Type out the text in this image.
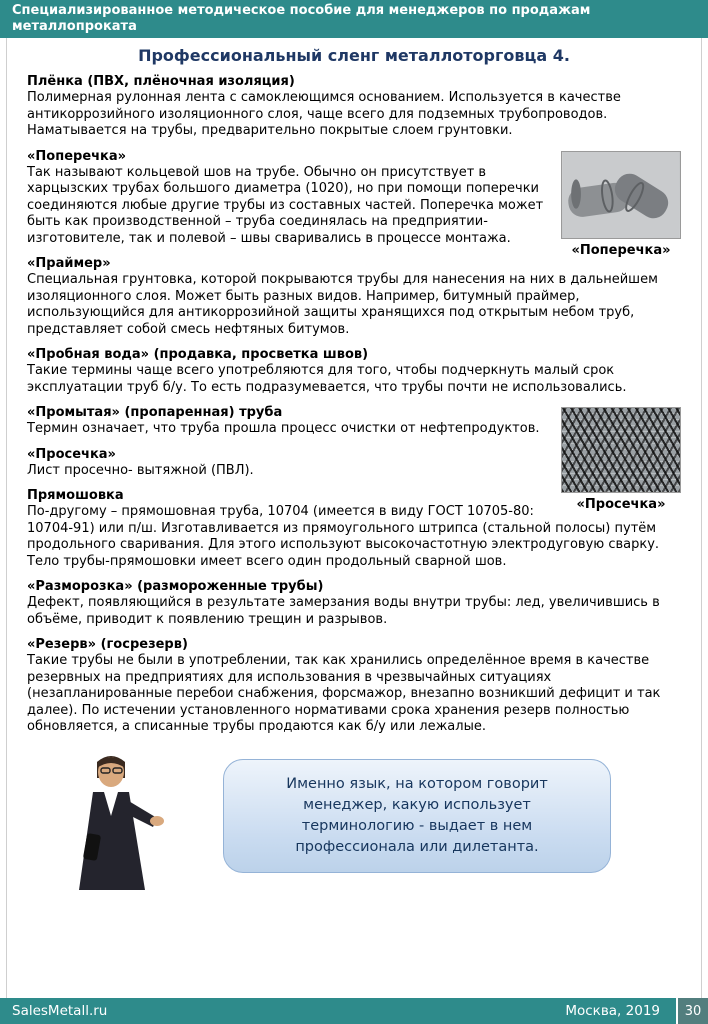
Специализированное методическое пособие для менеджеров по продажам металлопроката
Профессиональный сленг металлоторговца 4.
Плёнка (ПВХ, плёночная изоляция)

Полимерная рулонная лента с самоклеющимся основанием. Используется в качестве антикоррозийного изоляционного слоя, чаще всего для подземных трубопроводов. Наматывается на трубы, предварительно покрытые слоем грунтовки.

«Поперечка»
«Поперечка»

Так называют кольцевой шов на трубе. Обычно он присутствует в харцызских трубах большого диаметра (1020), но при помощи поперечки соединяются любые другие трубы из составных частей. Поперечка может быть как производственной – труба соединялась на предприятии-изготовителе, так и полевой – швы сваривались в процессе монтажа.

«Праймер»

Специальная грунтовка, которой покрываются трубы для нанесения на них в дальнейшем изоляционного слоя. Может быть разных видов. Например, битумный праймер, использующийся для антикоррозийной защиты хранящихся под открытым небом труб, представляет собой смесь нефтяных битумов.

«Пробная вода» (продавка, просветка швов)

Такие термины чаще всего употребляются для того, чтобы подчеркнуть малый срок эксплуатации труб б/у. То есть подразумевается, что трубы почти не использовались.

«Просечка»
«Промытая» (пропаренная) труба

Термин означает, что труба прошла процесс очистки от нефтепродуктов.

«Просечка»

Лист просечно- вытяжной (ПВЛ).

Прямошовка

По-другому – прямошовная труба, 10704 (имеется в виду ГОСТ 10705-80: 10704-91) или п/ш. Изготавливается из прямоугольного штрипса (стальной полосы) путём продольного сваривания. Для этого используют высокочастотную электродуговую сварку. Тело трубы-прямошовки имеет всего один продольный сварной шов.

«Разморозка» (размороженные трубы)

Дефект, появляющийся в результате замерзания воды внутри трубы: лед, увеличившись в объёме, приводит к появлению трещин и разрывов.

«Резерв» (госрезерв)

Такие трубы не были в употреблении, так как хранились определённое время в качестве резервных на предприятиях для использования в чрезвычайных ситуациях (незапланированные перебои снабжения, форсмажор, внезапно возникший дефицит и так далее). По истечении установленного нормативами срока хранения резерв полностью обновляется, а списанные трубы продаются как б/у или лежалые.

Именно язык, на котором говорит менеджер, какую использует терминологию - выдает в нем профессионала или дилетанта.
SalesMetall.ru	Москва, 2019	30
